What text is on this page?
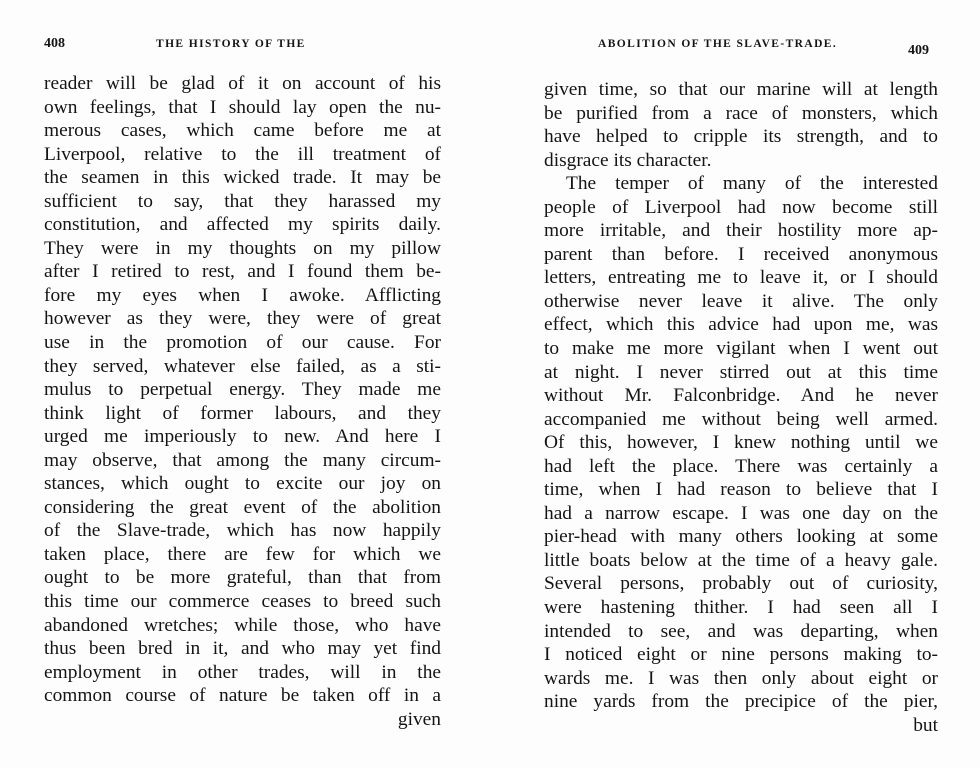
408	THE HISTORY OF THE
reader will be glad of it on account of his
own feelings, that I should lay open the nu-
merous cases, which came before me at
Liverpool, relative to the ill treatment of
the seamen in this wicked trade. It may be
sufficient to say, that they harassed my
constitution, and affected my spirits daily.
They were in my thoughts on my pillow
after I retired to rest, and I found them be-
fore my eyes when I awoke. Afflicting
however as they were, they were of great
use in the promotion of our cause. For
they served, whatever else failed, as a sti-
mulus to perpetual energy. They made me
think light of former labours, and they
urged me imperiously to new. And here I
may observe, that among the many circum-
stances, which ought to excite our joy on
considering the great event of the abolition
of the Slave-trade, which has now happily
taken place, there are few for which we
ought to be more grateful, than that from
this time our commerce ceases to breed such
abandoned wretches; while those, who have
thus been bred in it, and who may yet find
employment in other trades, will in the
common course of nature be taken off in a
given
ABOLITION OF THE SLAVE-TRADE.	409
given time, so that our marine will at length
be purified from a race of monsters, which
have helped to cripple its strength, and to
disgrace its character.
The temper of many of the interested
people of Liverpool had now become still
more irritable, and their hostility more ap-
parent than before. I received anonymous
letters, entreating me to leave it, or I should
otherwise never leave it alive. The only
effect, which this advice had upon me, was
to make me more vigilant when I went out
at night. I never stirred out at this time
without Mr. Falconbridge. And he never
accompanied me without being well armed.
Of this, however, I knew nothing until we
had left the place. There was certainly a
time, when I had reason to believe that I
had a narrow escape. I was one day on the
pier-head with many others looking at some
little boats below at the time of a heavy gale.
Several persons, probably out of curiosity,
were hastening thither. I had seen all I
intended to see, and was departing, when
I noticed eight or nine persons making to-
wards me. I was then only about eight or
nine yards from the precipice of the pier,
but
